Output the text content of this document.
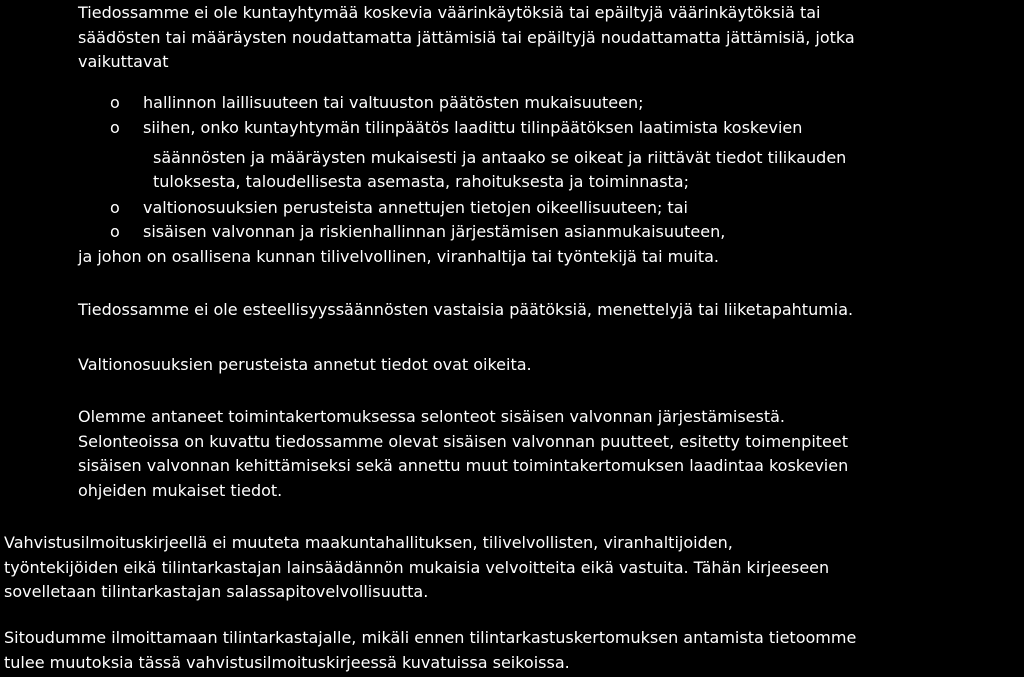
Tiedossamme ei ole kuntayhtymää koskevia väärinkäytöksiä tai epäiltyjä väärinkäytöksiä tai
säädösten tai määräysten noudattamatta jättämisiä tai epäiltyjä noudattamatta jättämisiä, jotka
vaikuttavat
o	hallinnon laillisuuteen tai valtuuston päätösten mukaisuuteen;
o	siihen, onko kuntayhtymän tilinpäätös laadittu tilinpäätöksen laatimista koskevien
säännösten ja määräysten mukaisesti ja antaako se oikeat ja riittävät tiedot tilikauden
tuloksesta, taloudellisesta asemasta, rahoituksesta ja toiminnasta;
o	valtionosuuksien perusteista annettujen tietojen oikeellisuuteen; tai
o	sisäisen valvonnan ja riskienhallinnan järjestämisen asianmukaisuuteen,
ja johon on osallisena kunnan tilivelvollinen, viranhaltija tai työntekijä tai muita.
Tiedossamme ei ole esteellisyyssäännösten vastaisia päätöksiä, menettelyjä tai liiketapahtumia.
Valtionosuuksien perusteista annetut tiedot ovat oikeita.
Olemme antaneet toimintakertomuksessa selonteot sisäisen valvonnan järjestämisestä.
Selonteoissa on kuvattu tiedossamme olevat sisäisen valvonnan puutteet, esitetty toimenpiteet
sisäisen valvonnan kehittämiseksi sekä annettu muut toimintakertomuksen laadintaa koskevien
ohjeiden mukaiset tiedot.
Vahvistusilmoituskirjeellä ei muuteta maakuntahallituksen, tilivelvollisten, viranhaltijoiden,
työntekijöiden eikä tilintarkastajan lainsäädännön mukaisia velvoitteita eikä vastuita. Tähän kirjeeseen
sovelletaan tilintarkastajan salassapitovelvollisuutta.
Sitoudumme ilmoittamaan tilintarkastajalle, mikäli ennen tilintarkastuskertomuksen antamista tietoomme
tulee muutoksia tässä vahvistusilmoituskirjeessä kuvatuissa seikoissa.
